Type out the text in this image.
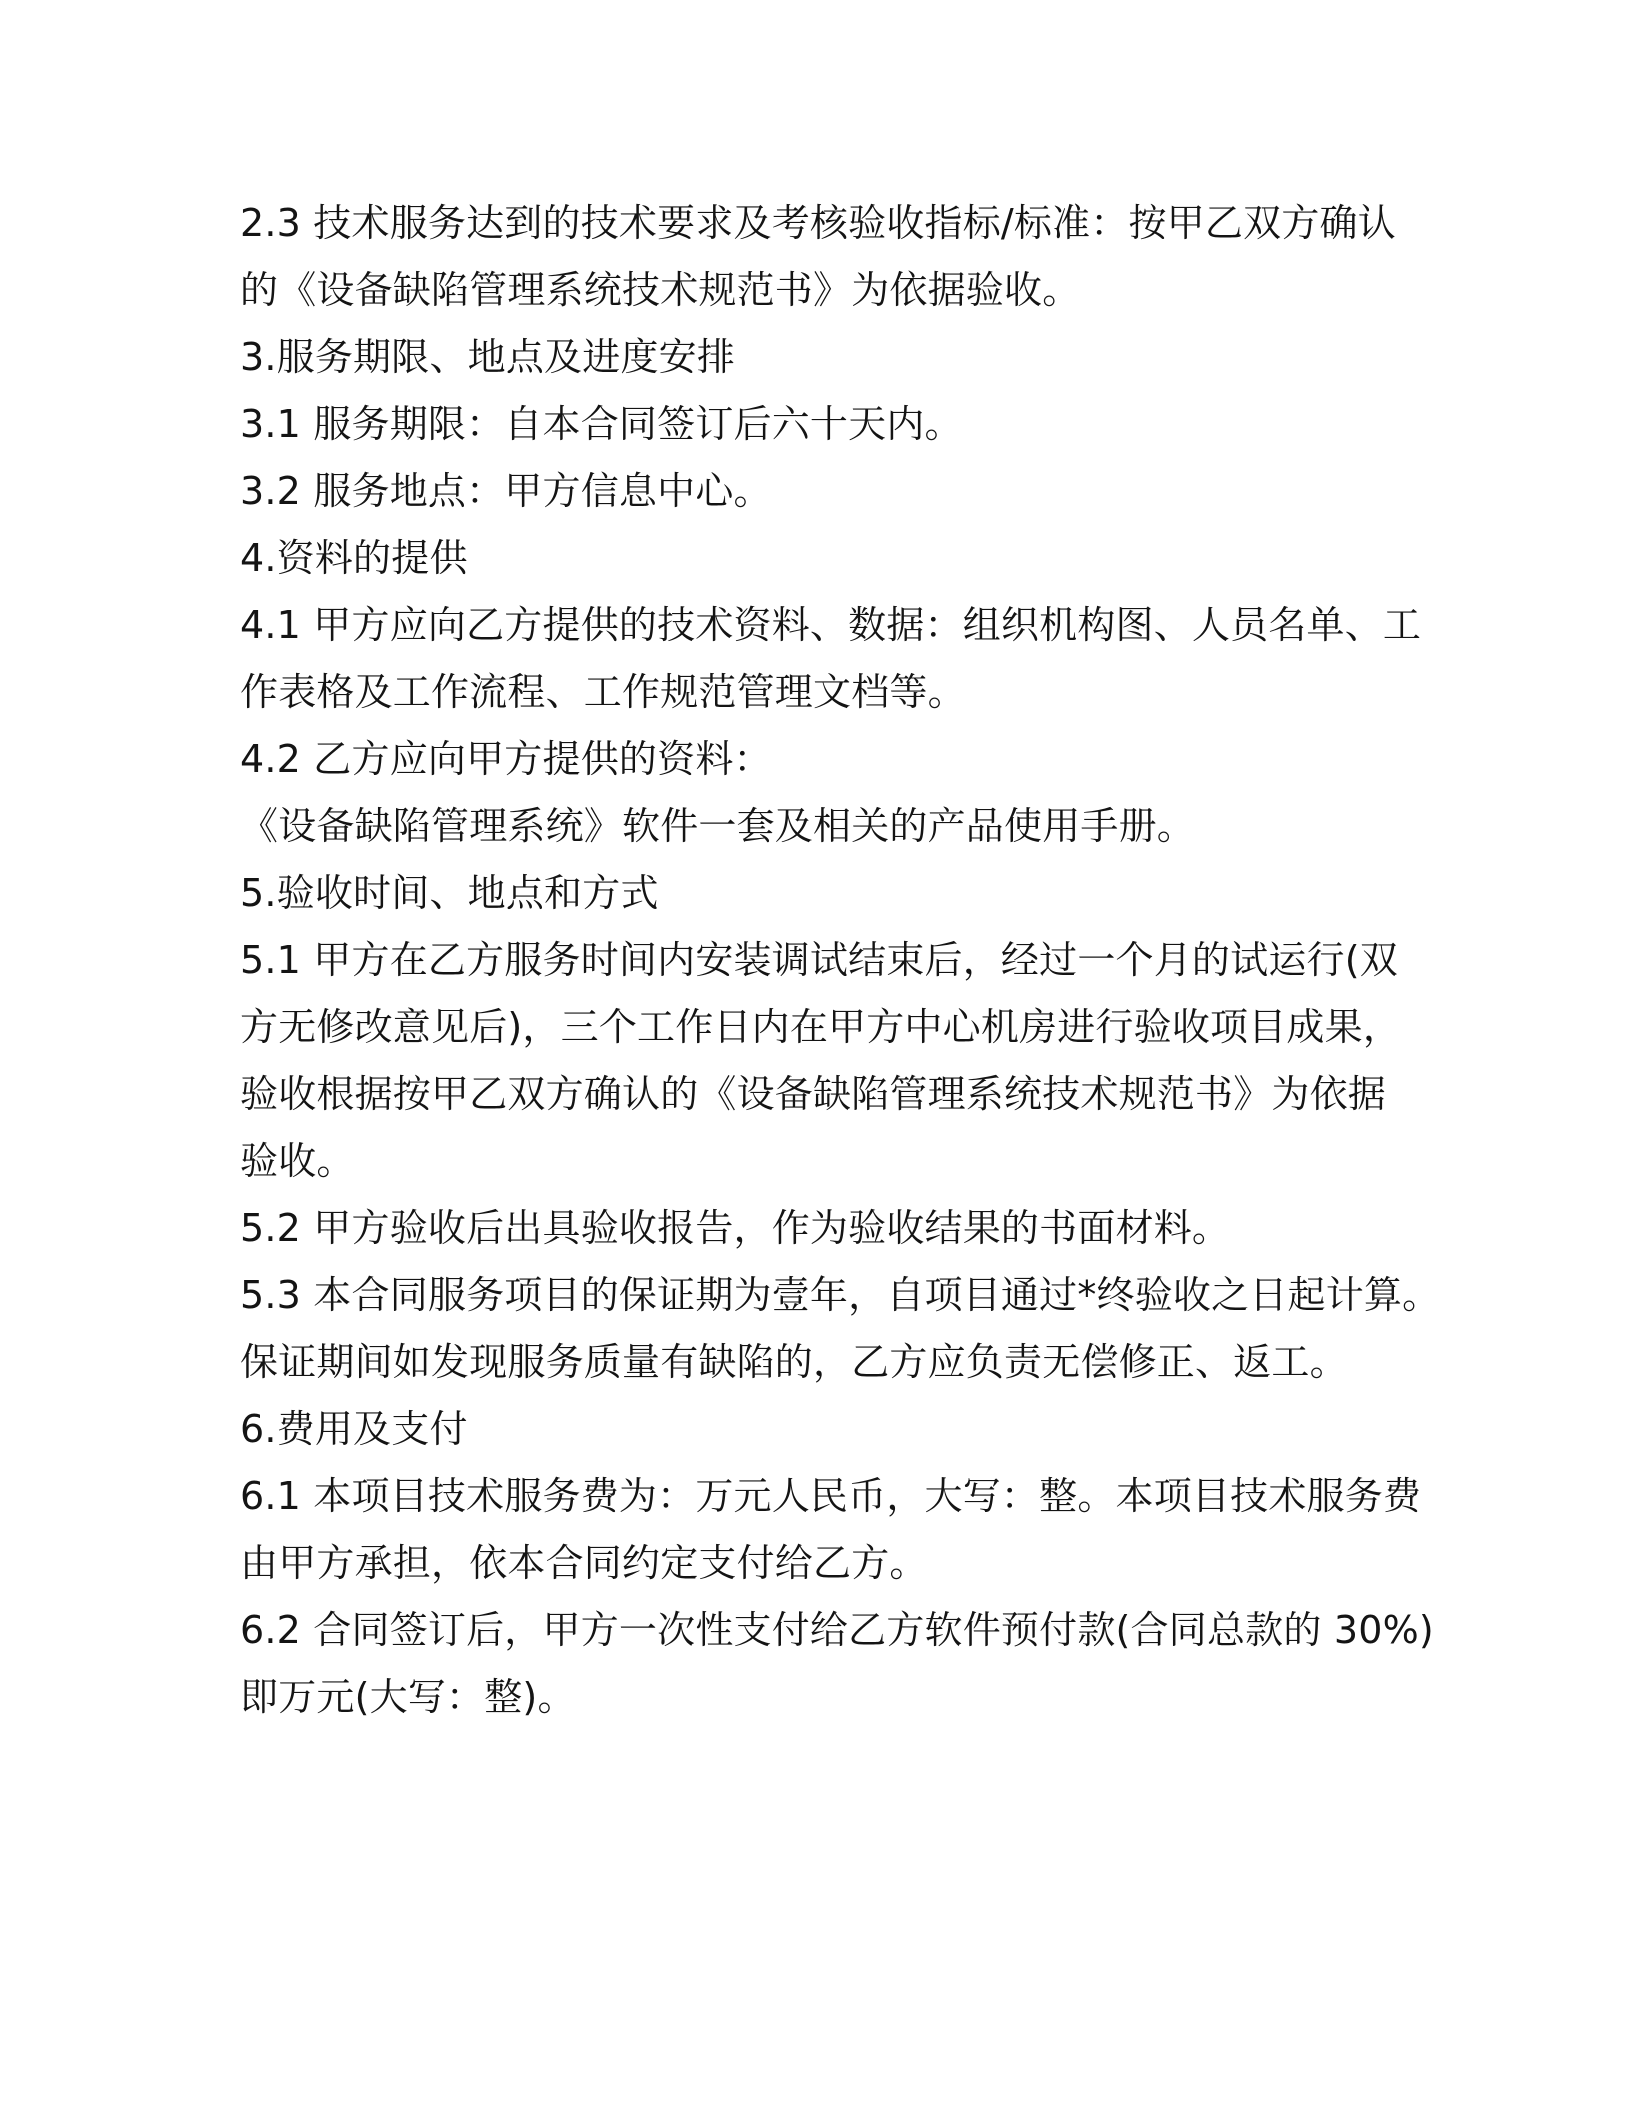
2.3 技术服务达到的技术要求及考核验收指标/标准：按甲乙双方确认

的《设备缺陷管理系统技术规范书》为依据验收。

3.服务期限、地点及进度安排

3.1 服务期限：自本合同签订后六十天内。

3.2 服务地点：甲方信息中心。

4.资料的提供

4.1 甲方应向乙方提供的技术资料、数据：组织机构图、人员名单、工

作表格及工作流程、工作规范管理文档等。

4.2 乙方应向甲方提供的资料：

《设备缺陷管理系统》软件一套及相关的产品使用手册。

5.验收时间、地点和方式

5.1 甲方在乙方服务时间内安装调试结束后，经过一个月的试运行(双

方无修改意见后)，三个工作日内在甲方中心机房进行验收项目成果，

验收根据按甲乙双方确认的《设备缺陷管理系统技术规范书》为依据

验收。

5.2 甲方验收后出具验收报告，作为验收结果的书面材料。

5.3 本合同服务项目的保证期为壹年，自项目通过*终验收之日起计算。

保证期间如发现服务质量有缺陷的，乙方应负责无偿修正、返工。

6.费用及支付

6.1 本项目技术服务费为：万元人民币，大写：整。本项目技术服务费

由甲方承担，依本合同约定支付给乙方。

6.2 合同签订后，甲方一次性支付给乙方软件预付款(合同总款的 30%)

即万元(大写：整)。
